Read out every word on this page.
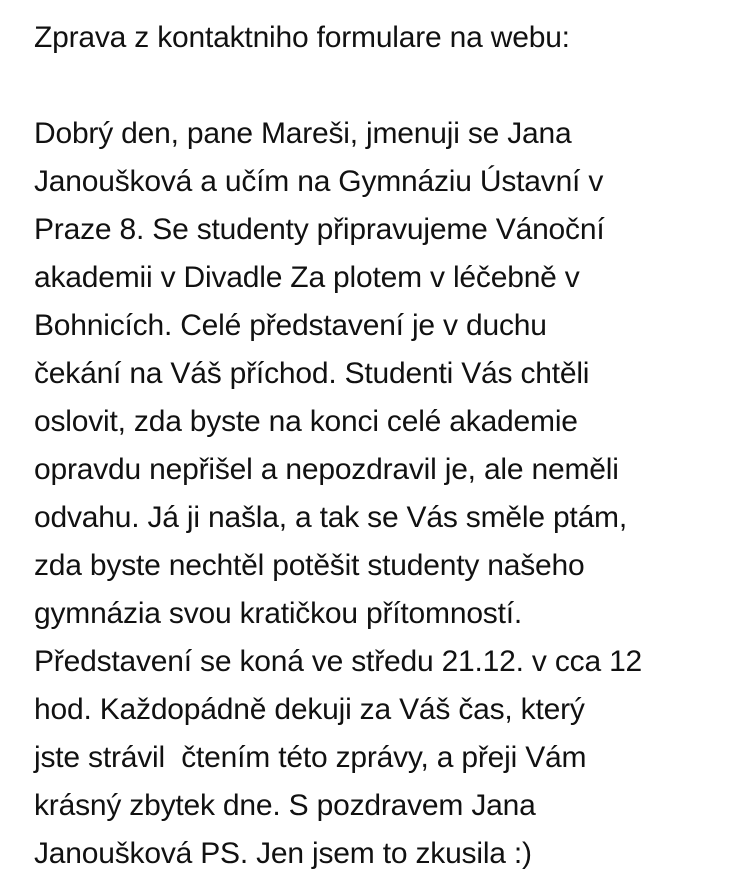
Zprava z kontaktniho formulare na webu:
Dobrý den, pane Mareši, jmenuji se Jana
Janoušková a učím na Gymnáziu Ústavní v
Praze 8. Se studenty připravujeme Vánoční
akademii v Divadle Za plotem v léčebně v
Bohnicích. Celé představení je v duchu
čekání na Váš příchod. Studenti Vás chtěli
oslovit, zda byste na konci celé akademie
opravdu nepřišel a nepozdravil je, ale neměli
odvahu. Já ji našla, a tak se Vás směle ptám,
zda byste nechtěl potěšit studenty našeho
gymnázia svou kratičkou přítomností.
Představení se koná ve středu 21.12. v cca 12
hod. Každopádně dekuji za Váš čas, který
jste strávil  čtením této zprávy, a přeji Vám
krásný zbytek dne. S pozdravem Jana
Janoušková PS. Jen jsem to zkusila :)
